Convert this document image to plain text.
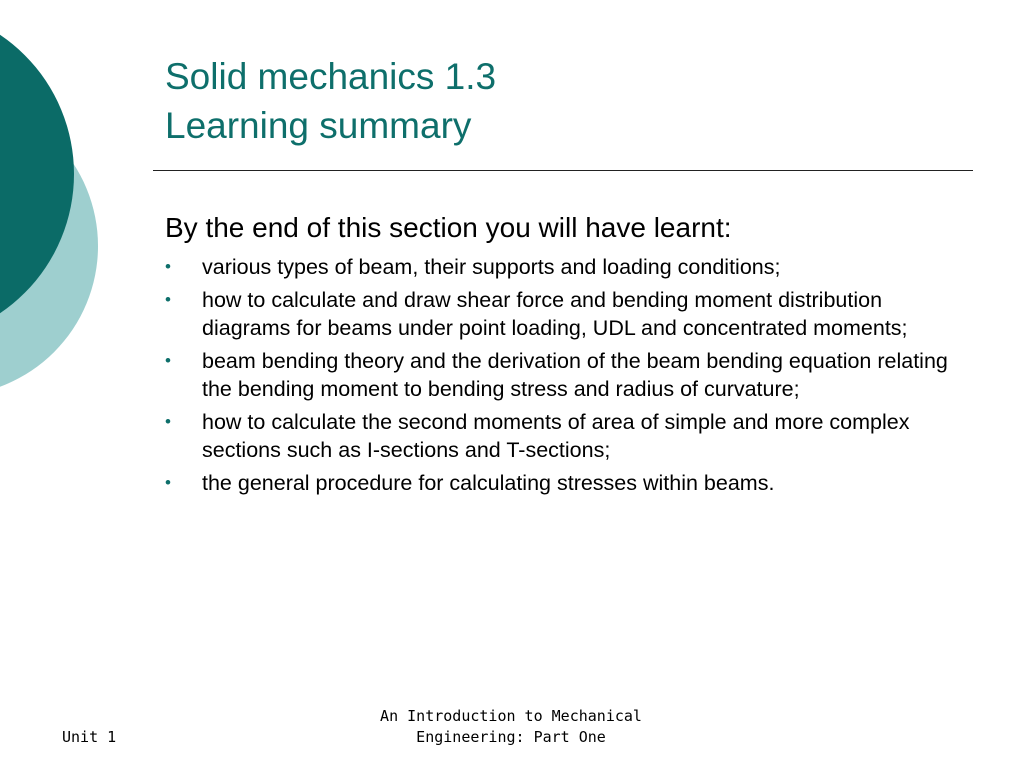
Solid mechanics 1.3
Learning summary

By the end of this section you will have learnt:

• various types of beam, their supports and loading conditions;
• how to calculate and draw shear force and bending moment distribution diagrams for beams under point loading, UDL and concentrated moments;
• beam bending theory and the derivation of the beam bending equation relating the bending moment to bending stress and radius of curvature;
• how to calculate the second moments of area of simple and more complex sections such as I-sections and T-sections;
• the general procedure for calculating stresses within beams.
Unit 1
An Introduction to Mechanical
Engineering: Part One
